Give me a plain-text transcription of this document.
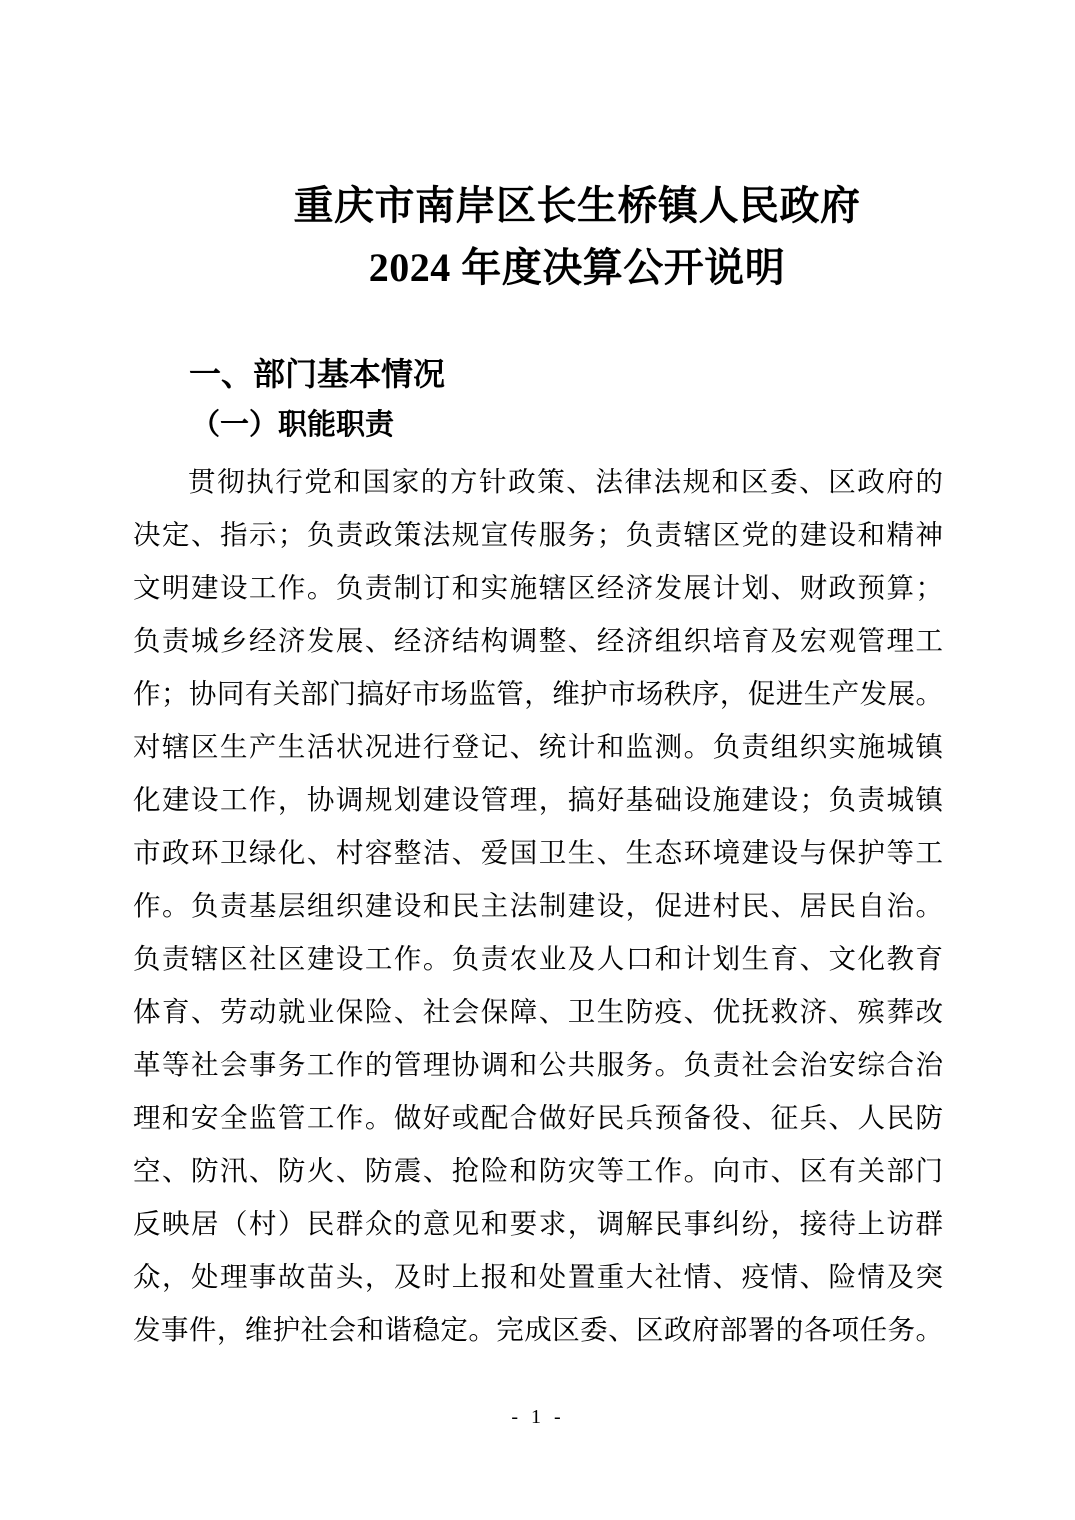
重庆市南岸区长生桥镇人民政府
2024 年度决算公开说明
一、部门基本情况
（一）职能职责
贯彻执行党和国家的方针政策、法律法规和区委、区政府的
决定、指示；负责政策法规宣传服务；负责辖区党的建设和精神
文明建设工作。负责制订和实施辖区经济发展计划、财政预算；
负责城乡经济发展、经济结构调整、经济组织培育及宏观管理工
作；协同有关部门搞好市场监管，维护市场秩序，促进生产发展。
对辖区生产生活状况进行登记、统计和监测。负责组织实施城镇
化建设工作，协调规划建设管理，搞好基础设施建设；负责城镇
市政环卫绿化、村容整洁、爱国卫生、生态环境建设与保护等工
作。负责基层组织建设和民主法制建设，促进村民、居民自治。
负责辖区社区建设工作。负责农业及人口和计划生育、文化教育
体育、劳动就业保险、社会保障、卫生防疫、优抚救济、殡葬改
革等社会事务工作的管理协调和公共服务。负责社会治安综合治
理和安全监管工作。做好或配合做好民兵预备役、征兵、人民防
空、防汛、防火、防震、抢险和防灾等工作。向市、区有关部门
反映居（村）民群众的意见和要求，调解民事纠纷，接待上访群
众，处理事故苗头，及时上报和处置重大社情、疫情、险情及突
发事件，维护社会和谐稳定。完成区委、区政府部署的各项任务。
- 1 -
